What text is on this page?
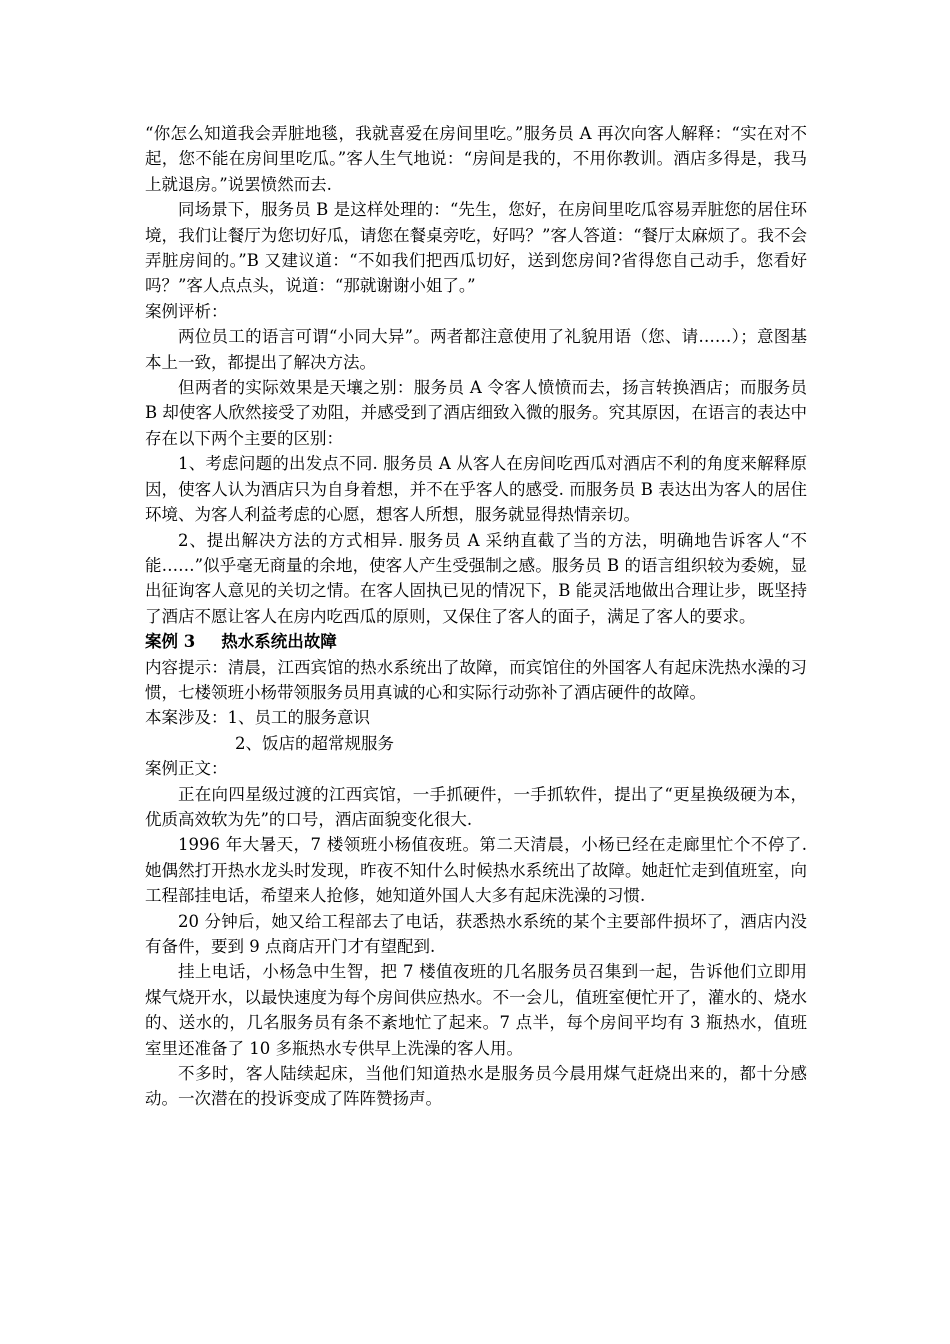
“你怎么知道我会弄脏地毯，我就喜爱在房间里吃。”服务员 A 再次向客人解释：“实在对不起，您不能在房间里吃瓜。”客人生气地说：“房间是我的，不用你教训。酒店多得是，我马上就退房。”说罢愤然而去.

同场景下，服务员 B 是这样处理的：“先生，您好，在房间里吃瓜容易弄脏您的居住环境，我们让餐厅为您切好瓜，请您在餐桌旁吃，好吗？”客人答道：“餐厅太麻烦了。我不会弄脏房间的。”B 又建议道：“不如我们把西瓜切好，送到您房间?省得您自己动手，您看好吗？”客人点点头，说道：“那就谢谢小姐了。”

案例评析：

两位员工的语言可谓“小同大异”。两者都注意使用了礼貌用语（您、请……）；意图基本上一致，都提出了解决方法。

但两者的实际效果是天壤之别：服务员 A 令客人愤愤而去，扬言转换酒店；而服务员 B 却使客人欣然接受了劝阻，并感受到了酒店细致入微的服务。究其原因，在语言的表达中存在以下两个主要的区别：

1、考虑问题的出发点不同. 服务员 A 从客人在房间吃西瓜对酒店不利的角度来解释原因，使客人认为酒店只为自身着想，并不在乎客人的感受. 而服务员 B 表达出为客人的居住环境、为客人利益考虑的心愿，想客人所想，服务就显得热情亲切。

2、提出解决方法的方式相异. 服务员 A 采纳直截了当的方法，明确地告诉客人“不能……”似乎毫无商量的余地，使客人产生受强制之感。服务员 B 的语言组织较为委婉，显出征询客人意见的关切之情。在客人固执已见的情况下，B 能灵活地做出合理让步，既坚持了酒店不愿让客人在房内吃西瓜的原则，又保住了客人的面子，满足了客人的要求。

案例 3 热水系统出故障

内容提示：清晨，江西宾馆的热水系统出了故障，而宾馆住的外国客人有起床洗热水澡的习惯，七楼领班小杨带领服务员用真诚的心和实际行动弥补了酒店硬件的故障。

本案涉及：1、员工的服务意识

2、饭店的超常规服务

案例正文：

正在向四星级过渡的江西宾馆，一手抓硬件，一手抓软件，提出了“更星换级硬为本，优质高效软为先”的口号，酒店面貌变化很大.

1996 年大暑天，7 楼领班小杨值夜班。第二天清晨，小杨已经在走廊里忙个不停了. 她偶然打开热水龙头时发现，昨夜不知什么时候热水系统出了故障。她赶忙走到值班室，向工程部挂电话，希望来人抢修，她知道外国人大多有起床洗澡的习惯.

20 分钟后，她又给工程部去了电话，获悉热水系统的某个主要部件损坏了，酒店内没有备件，要到 9 点商店开门才有望配到.

挂上电话，小杨急中生智，把 7 楼值夜班的几名服务员召集到一起，告诉他们立即用煤气烧开水，以最快速度为每个房间供应热水。不一会儿，值班室便忙开了，灌水的、烧水的、送水的，几名服务员有条不紊地忙了起来。7 点半，每个房间平均有 3 瓶热水，值班室里还准备了 10 多瓶热水专供早上洗澡的客人用。

不多时，客人陆续起床，当他们知道热水是服务员今晨用煤气赶烧出来的，都十分感动。一次潜在的投诉变成了阵阵赞扬声。
